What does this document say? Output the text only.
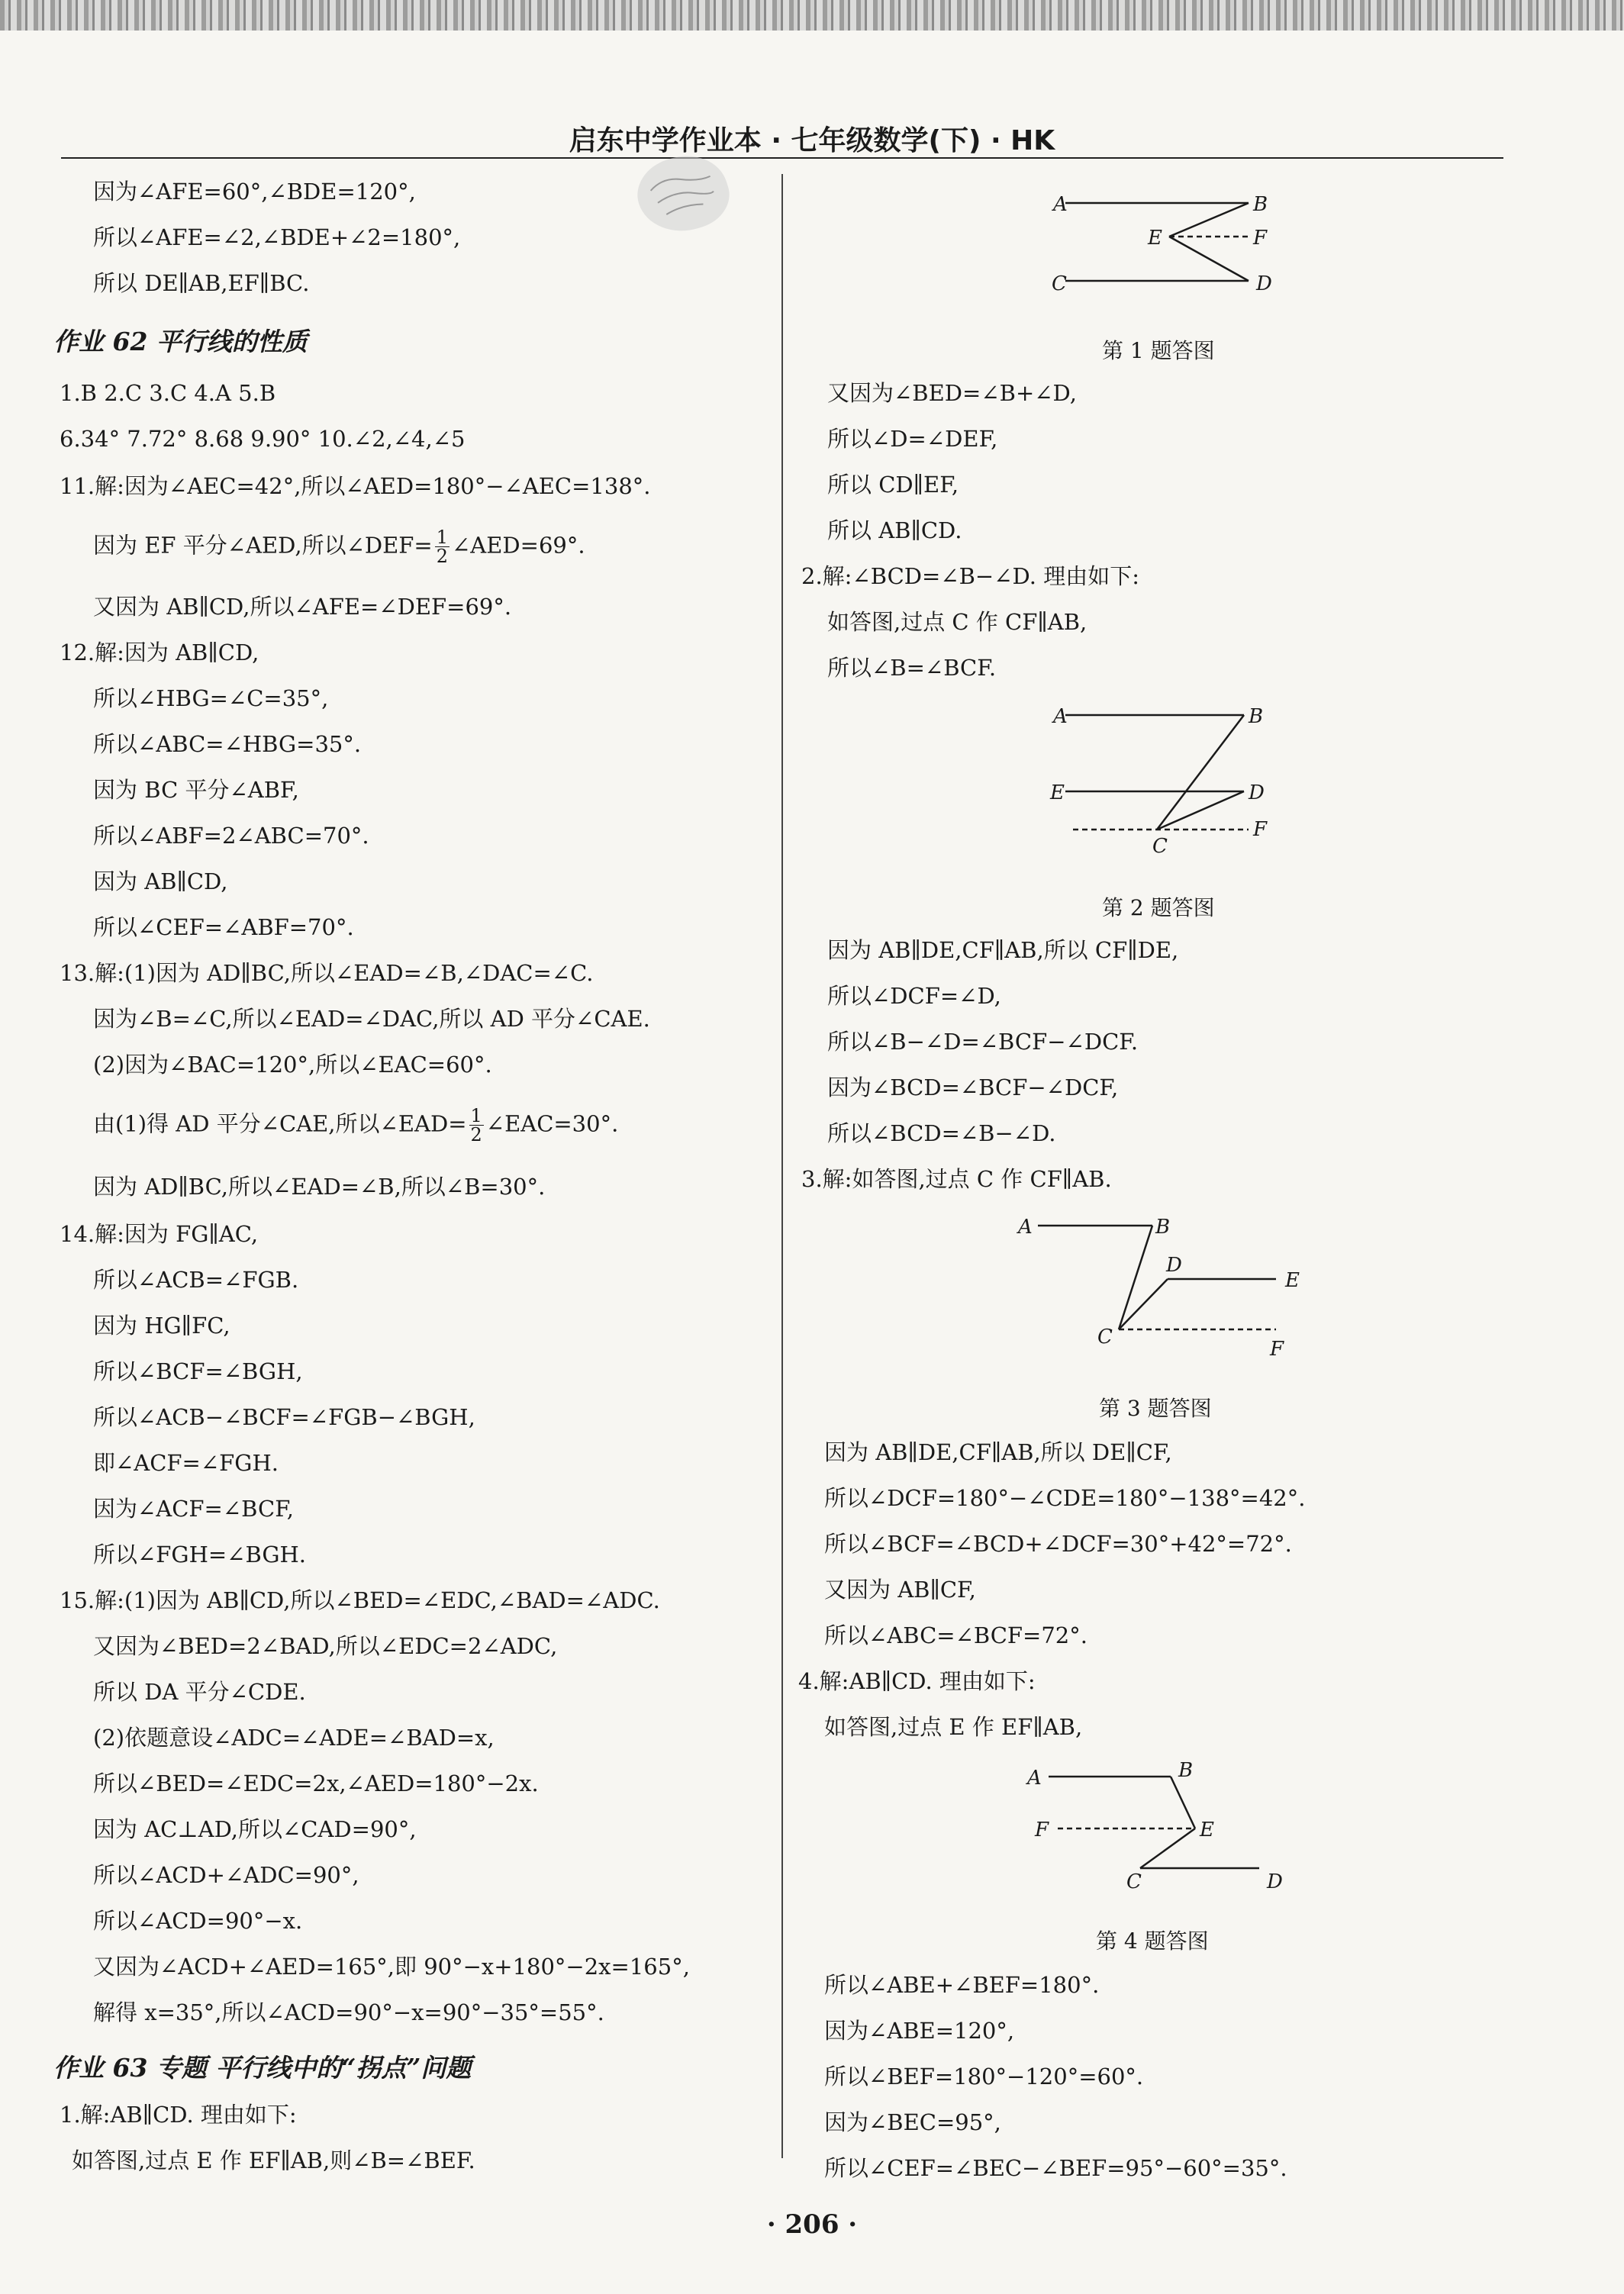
启东中学作业本 · 七年级数学(下) · HK
因为∠AFE=60°,∠BDE=120°,
所以∠AFE=∠2,∠BDE+∠2=180°,
所以 DE∥AB,EF∥BC.
作业 62 平行线的性质
1.B 2.C 3.C 4.A 5.B
6.34° 7.72° 8.68 9.90° 10.∠2,∠4,∠5
11.解:因为∠AEC=42°,所以∠AED=180°−∠AEC=138°.
因为 EF 平分∠AED,所以∠DEF= $\frac{1}{2}$ ∠AED=69°.
又因为 AB∥CD,所以∠AFE=∠DEF=69°.
12.解:因为 AB∥CD,
所以∠HBG=∠C=35°,
所以∠ABC=∠HBG=35°.
因为 BC 平分∠ABF,
所以∠ABF=2∠ABC=70°.
因为 AB∥CD,
所以∠CEF=∠ABF=70°.
13.解:(1)因为 AD∥BC,所以∠EAD=∠B,∠DAC=∠C.
因为∠B=∠C,所以∠EAD=∠DAC,所以 AD 平分∠CAE.
(2)因为∠BAC=120°,所以∠EAC=60°.
由(1)得 AD 平分∠CAE,所以∠EAD= $\frac{1}{2}$ ∠EAC=30°.
因为 AD∥BC,所以∠EAD=∠B,所以∠B=30°.
14.解:因为 FG∥AC,
所以∠ACB=∠FGB.
因为 HG∥FC,
所以∠BCF=∠BGH,
所以∠ACB−∠BCF=∠FGB−∠BGH,
即∠ACF=∠FGH.
因为∠ACF=∠BCF,
所以∠FGH=∠BGH.
15.解:(1)因为 AB∥CD,所以∠BED=∠EDC,∠BAD=∠ADC.
又因为∠BED=2∠BAD,所以∠EDC=2∠ADC,
所以 DA 平分∠CDE.
(2)依题意设∠ADC=∠ADE=∠BAD=x,
所以∠BED=∠EDC=2x,∠AED=180°−2x.
因为 AC⊥AD,所以∠CAD=90°,
所以∠ACD+∠ADC=90°,
所以∠ACD=90°−x.
又因为∠ACD+∠AED=165°,即 90°−x+180°−2x=165°,
解得 x=35°,所以∠ACD=90°−x=90°−35°=55°.
作业 63 专题 平行线中的“拐点”问题
1.解:AB∥CD. 理由如下:
如答图,过点 E 作 EF∥AB,则∠B=∠BEF.
A	B
E	F
C	D
第 1 题答图
又因为∠BED=∠B+∠D,
所以∠D=∠DEF,
所以 CD∥EF,
所以 AB∥CD.
2.解:∠BCD=∠B−∠D. 理由如下:
如答图,过点 C 作 CF∥AB,
所以∠B=∠BCF.
A	B
E	D
C
F
第 2 题答图
因为 AB∥DE,CF∥AB,所以 CF∥DE,
所以∠DCF=∠D,
所以∠B−∠D=∠BCF−∠DCF.
因为∠BCD=∠BCF−∠DCF,
所以∠BCD=∠B−∠D.
3.解:如答图,过点 C 作 CF∥AB.
A	B
D
E
C
F
第 3 题答图
因为 AB∥DE,CF∥AB,所以 DE∥CF,
所以∠DCF=180°−∠CDE=180°−138°=42°.
所以∠BCF=∠BCD+∠DCF=30°+42°=72°.
又因为 AB∥CF,
所以∠ABC=∠BCF=72°.
4.解:AB∥CD. 理由如下:
如答图,过点 E 作 EF∥AB,
A	B
F	E
C	D
第 4 题答图
所以∠ABE+∠BEF=180°.
因为∠ABE=120°,
所以∠BEF=180°−120°=60°.
因为∠BEC=95°,
所以∠CEF=∠BEC−∠BEF=95°−60°=35°.
· 206 ·
